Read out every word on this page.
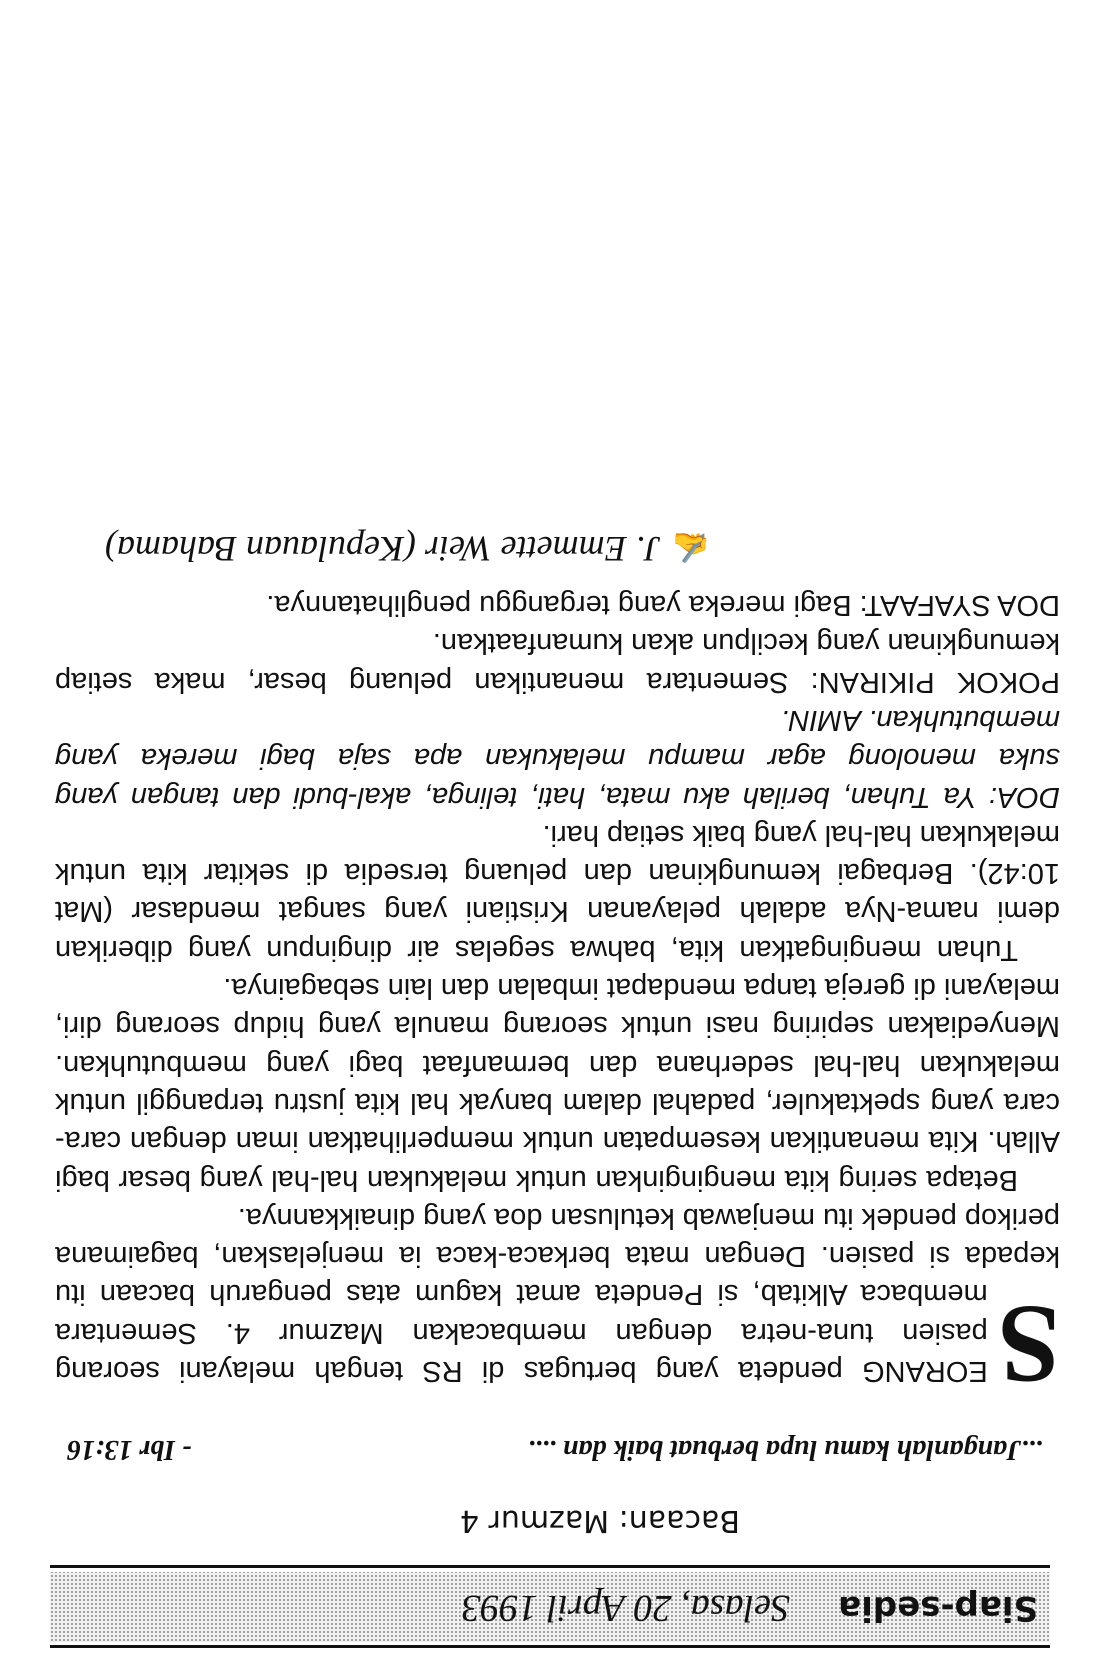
Siap-sedia
Selasa, 20 April 1993
Bacaan: Mazmur 4
...Janganlah kamu lupa berbuat baik dan ....
- Ibr 13:16

S
EORANG pendeta yang bertugas di RS tengah melayani seorang pasien tuna-netra dengan membacakan Mazmur 4. Sementara membaca Alkitab, si Pendeta amat kagum atas pengaruh bacaan itu kepada si pasien. Dengan mata berkaca-kaca ia menjelaskan, bagaimana perikop pendek itu menjawab ketulusan doa yang dinaikkannya.

Betapa sering kita menginginkan untuk melakukan hal-hal yang besar bagi Allah. Kita menantikan kesempatan untuk memperlihatkan iman dengan cara-cara yang spektakuler, padahal dalam banyak hal kita justru terpanggil untuk melakukan hal-hal sederhana dan bermanfaat bagi yang membutuhkan. Menyediakan sepiring nasi untuk seorang manula yang hidup seorang diri, melayani di gereja tanpa mendapat imbalan dan lain sebagainya.

Tuhan mengingatkan kita, bahwa segelas air dinginpun yang diberikan demi nama-Nya adalah pelayanan Kristiani yang sangat mendasar (Mat 10:42). Berbagai kemungkinan dan peluang tersedia di sekitar kita untuk melakukan hal-hal yang baik setiap hari.

DOA: Ya Tuhan, berilah aku mata, hati, telinga, akal-budi dan tangan yang suka menolong agar mampu melakukan apa saja bagi mereka yang membutuhkan. AMIN.

POKOK PIKIRAN: Sementara menantikan peluang besar, maka setiap kemungkinan yang kecilpun akan kumanfaatkan.

DOA SYAFAAT: Bagi mereka yang terganggu penglihatannya.

✍J. Emmette Weir (Kepulauan Bahama)
